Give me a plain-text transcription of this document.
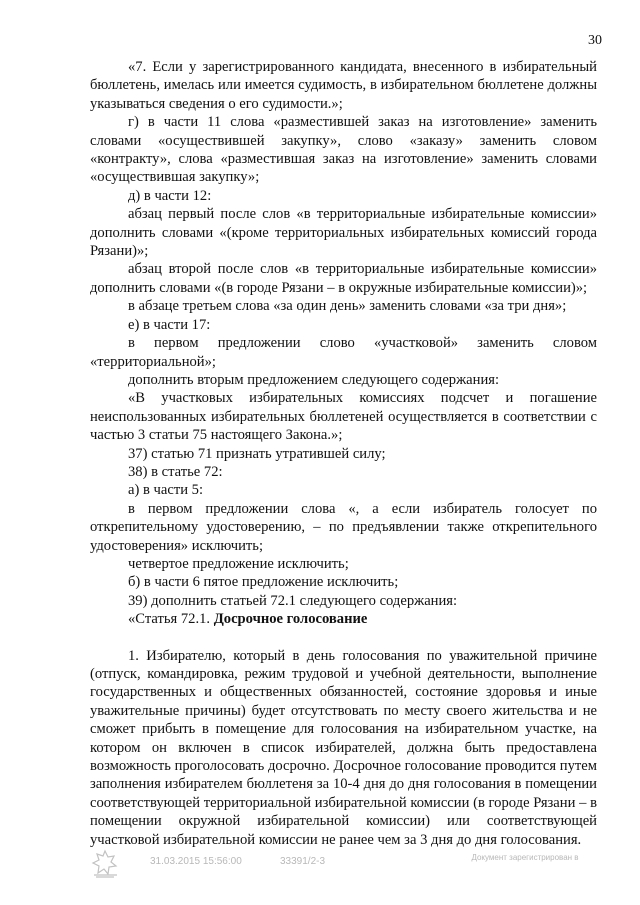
30

«7. Если у зарегистрированного кандидата, внесенного в избирательный бюллетень, имелась или имеется судимость, в избирательном бюллетене должны указываться сведения о его судимости.»;

г) в части 11 слова «разместившей заказ на изготовление» заменить словами «осуществившей закупку», слово «заказу» заменить словом «контракту», слова «разместившая заказ на изготовление» заменить словами «осуществившая закупку»;

д) в части 12:

абзац первый после слов «в территориальные избирательные комиссии» дополнить словами «(кроме территориальных избирательных комиссий города Рязани)»;

абзац второй после слов «в территориальные избирательные комиссии» дополнить словами «(в городе Рязани – в окружные избирательные комиссии)»;

в абзаце третьем слова «за один день» заменить словами «за три дня»;

е) в части 17:

в первом предложении слово «участковой» заменить словом «территориальной»;

дополнить вторым предложением следующего содержания:

«В участковых избирательных комиссиях подсчет и погашение неиспользованных избирательных бюллетеней осуществляется в соответствии с частью 3 статьи 75 настоящего Закона.»;

37) статью 71 признать утратившей силу;

38) в статье 72:

а) в части 5:

в первом предложении слова «, а если избиратель голосует по открепительному удостоверению, – по предъявлении также открепительного удостоверения» исключить;

четвертое предложение исключить;

б) в части 6 пятое предложение исключить;

39) дополнить статьей 72.1 следующего содержания:

«Статья 72.1. Досрочное голосование

1. Избирателю, который в день голосования по уважительной причине (отпуск, командировка, режим трудовой и учебной деятельности, выполнение государственных и общественных обязанностей, состояние здоровья и иные уважительные причины) будет отсутствовать по месту своего жительства и не сможет прибыть в помещение для голосования на избирательном участке, на котором он включен в список избирателей, должна быть предоставлена возможность проголосовать досрочно. Досрочное голосование проводится путем заполнения избирателем бюллетеня за 10-4 дня до дня голосования в помещении соответствующей территориальной избирательной комиссии (в городе Рязани – в помещении окружной избирательной комиссии) или соответствующей участковой избирательной комиссии не ранее чем за 3 дня до дня голосования.

31.03.2015 15:56:00	33391/2-3	Документ зарегистрирован в
